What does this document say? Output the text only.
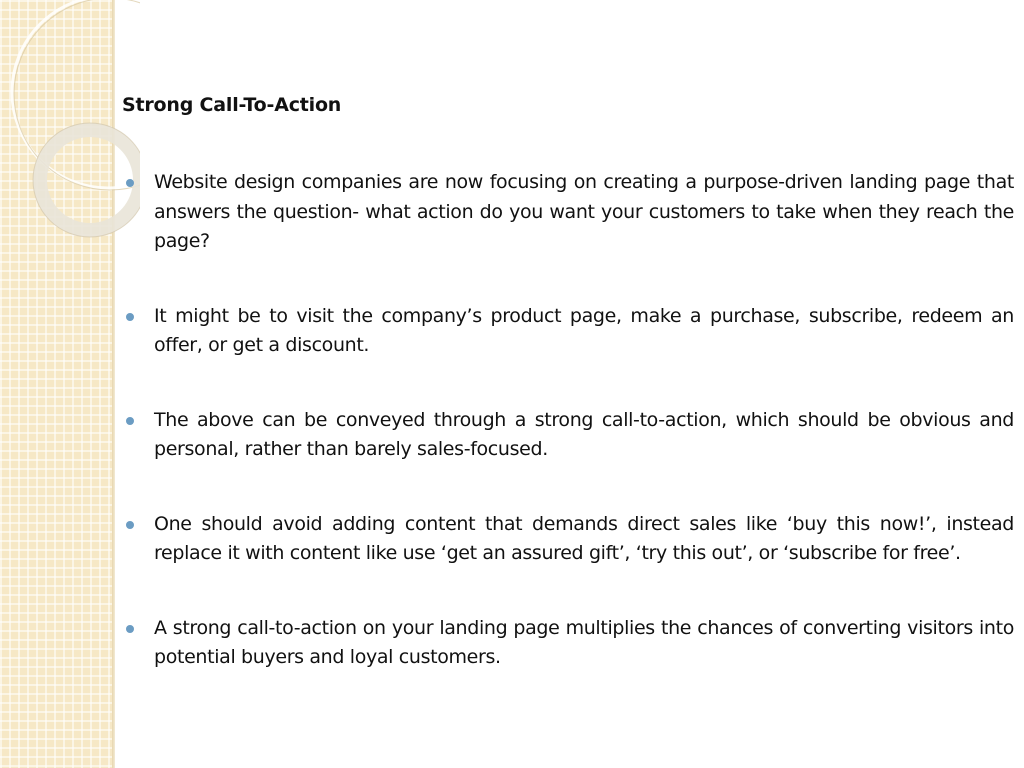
Strong Call-To-Action
Website design companies are now focusing on creating a purpose-driven landing page that answers the question- what action do you want your customers to take when they reach the page?
It might be to visit the company’s product page, make a purchase, subscribe, redeem an offer, or get a discount.
The above can be conveyed through a strong call-to-action, which should be obvious and personal, rather than barely sales-focused.
One should avoid adding content that demands direct sales like ‘buy this now!’, instead replace it with content like use ‘get an assured gift’, ‘try this out’, or ‘subscribe for free’.
A strong call-to-action on your landing page multiplies the chances of converting visitors into potential buyers and loyal customers.
